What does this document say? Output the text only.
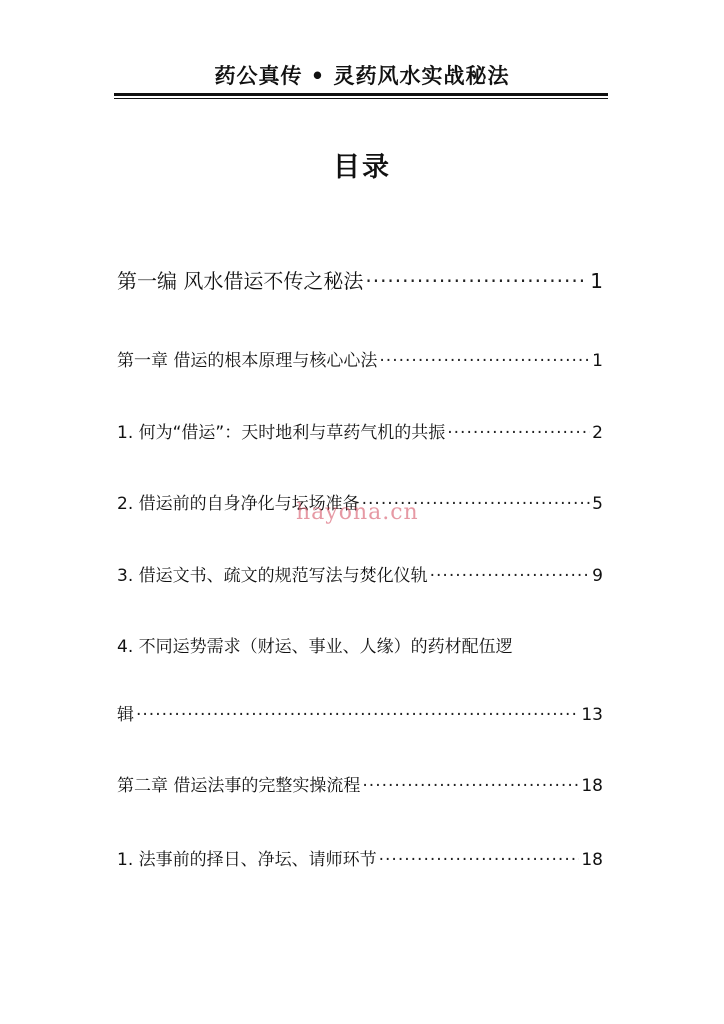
药公真传 • 灵药风水实战秘法
目录
第一编 风水借运不传之秘法 ·····	1
第一章 借运的根本原理与核心心法 ·····	1
1. 何为“借运”：天时地利与草药气机的共振 ·····	2
2. 借运前的自身净化与坛场准备 ·····	5
3. 借运文书、疏文的规范写法与焚化仪轨 ·····	9
4. 不同运势需求（财运、事业、人缘）的药材配伍逻
辑 ·····	13
第二章 借运法事的完整实操流程 ·····	18
1. 法事前的择日、净坛、请师环节 ·····	18
hayona.cn
